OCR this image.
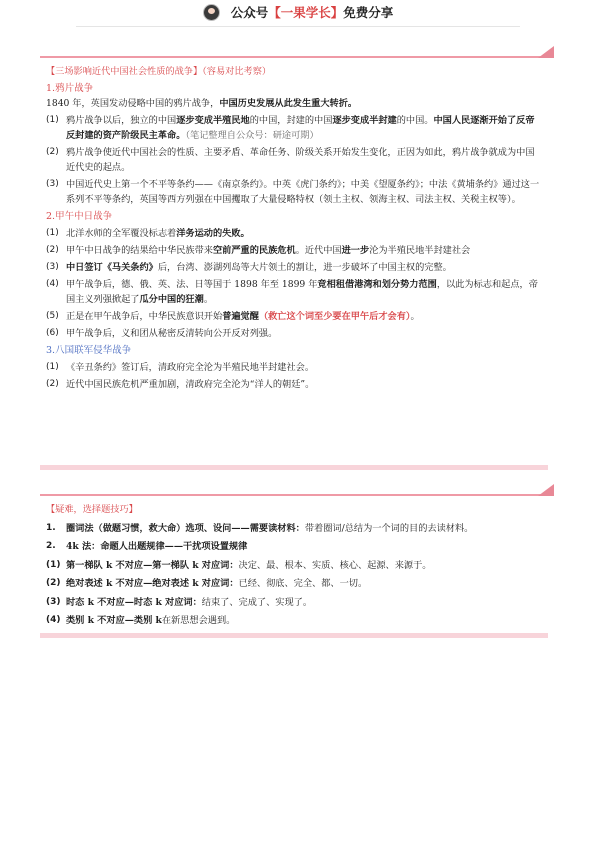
公众号【一果学长】免费分享

【三场影响近代中国社会性质的战争】（容易对比考察）

1.鸦片战争

1840 年，英国发动侵略中国的鸦片战争，中国历史发展从此发生重大转折。

(1) 鸦片战争以后，独立的中国逐步变成半殖民地的中国，封建的中国逐步变成半封建的中国。中国人民逐渐开始了反帝反封建的资产阶级民主革命。（笔记整理自公众号：研途可期）
(2) 鸦片战争使近代中国社会的性质、主要矛盾、革命任务、阶级关系开始发生变化，正因为如此，鸦片战争就成为中国近代史的起点。
(3) 中国近代史上第一个不平等条约——《南京条约》。中英《虎门条约》；中美《望厦条约》；中法《黄埔条约》通过这一系列不平等条约，英国等西方列强在中国攫取了大量侵略特权（领土主权、领海主权、司法主权、关税主权等）。

2.甲午中日战争

(1) 北洋水师的全军覆没标志着洋务运动的失败。
(2) 甲午中日战争的结果给中华民族带来空前严重的民族危机。近代中国进一步沦为半殖民地半封建社会
(3) 中日签订《马关条约》后，台湾、澎湖列岛等大片领土的割让，进一步破坏了中国主权的完整。
(4) 甲午战争后，德、俄、英、法、日等国于 1898 年至 1899 年竞相租借港湾和划分势力范围，以此为标志和起点，帝国主义列强掀起了瓜分中国的狂潮。
(5) 正是在甲午战争后，中华民族意识开始普遍觉醒（救亡这个词至少要在甲午后才会有）。
(6) 甲午战争后，义和团从秘密反清转向公开反对列强。

3.八国联军侵华战争

(1) 《辛丑条约》签订后，清政府完全沦为半殖民地半封建社会。
(2) 近代中国民族危机严重加剧，清政府完全沦为“洋人的朝廷”。

【疑难，选择题技巧】

1. 圈词法（做题习惯，救大命）选项、设问——需要读材料：带着圈词/总结为一个词的目的去读材料。
2. 4k 法：命题人出题规律——干扰项设置规律
(1) 第一梯队 k 不对应—第一梯队 k 对应词：决定、最、根本、实质、核心、起源、来源于。
(2) 绝对表述 k 不对应—绝对表述 k 对应词：已经、彻底、完全、都、一切。
(3) 时态 k 不对应—时态 k 对应词：结束了、完成了、实现了。
(4) 类别 k 不对应—类别 k在新思想会遇到。
